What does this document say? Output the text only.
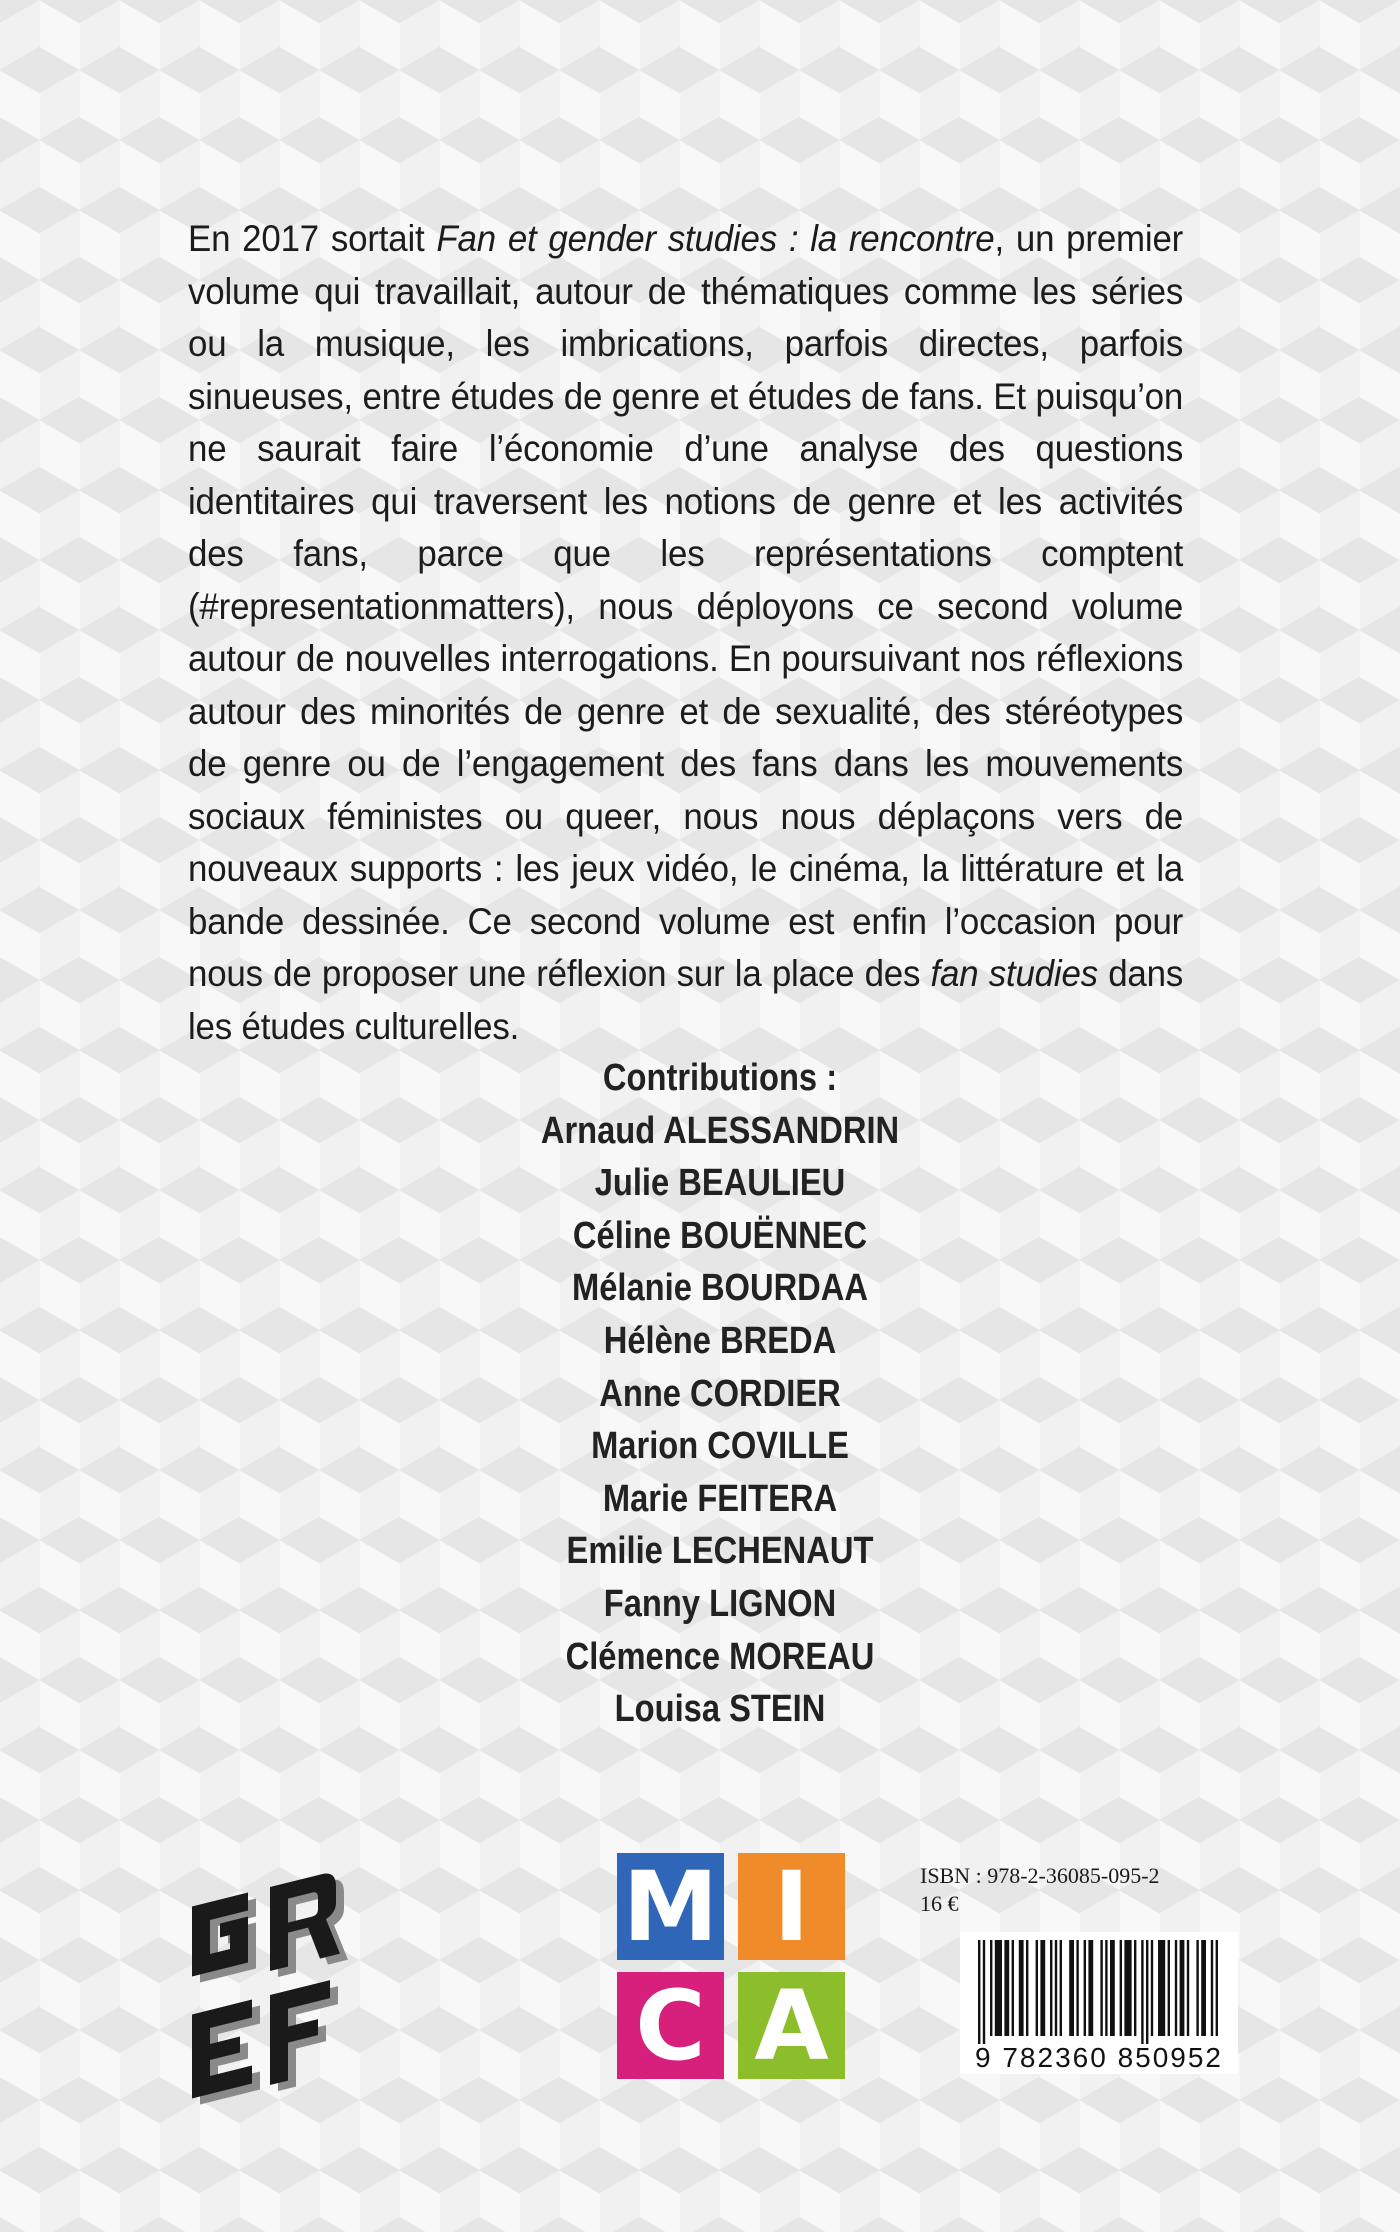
En 2017 sortait Fan et gender studies : la rencontre, un premier volume qui travaillait, autour de thématiques comme les séries ou la musique, les imbrications, parfois directes, parfois sinueuses, entre études de genre et études de fans. Et puisqu’on ne saurait faire l’économie d’une analyse des questions identitaires qui traversent les notions de genre et les activités des fans, parce que les représentations comptent (#representationmatters), nous déployons ce second volume autour de nouvelles interrogations. En poursuivant nos réflexions autour des minorités de genre et de sexualité, des stéréotypes de genre ou de l’engagement des fans dans les mouvements sociaux féministes ou queer, nous nous déplaçons vers de nouveaux supports : les jeux vidéo, le cinéma, la littérature et la bande dessinée. Ce second volume est enfin l’occasion pour nous de proposer une réflexion sur la place des fan studies dans les études culturelles.
Contributions :
Arnaud ALESSANDRIN
Julie BEAULIEU
Céline BOUËNNEC
Mélanie BOURDAA
Hélène BREDA
Anne CORDIER
Marion COVILLE
Marie FEITERA
Emilie LECHENAUT
Fanny LIGNON
Clémence MOREAU
Louisa STEIN
M I
C A
ISBN : 978-2-36085-095-2
16 €
9 782360 850952
